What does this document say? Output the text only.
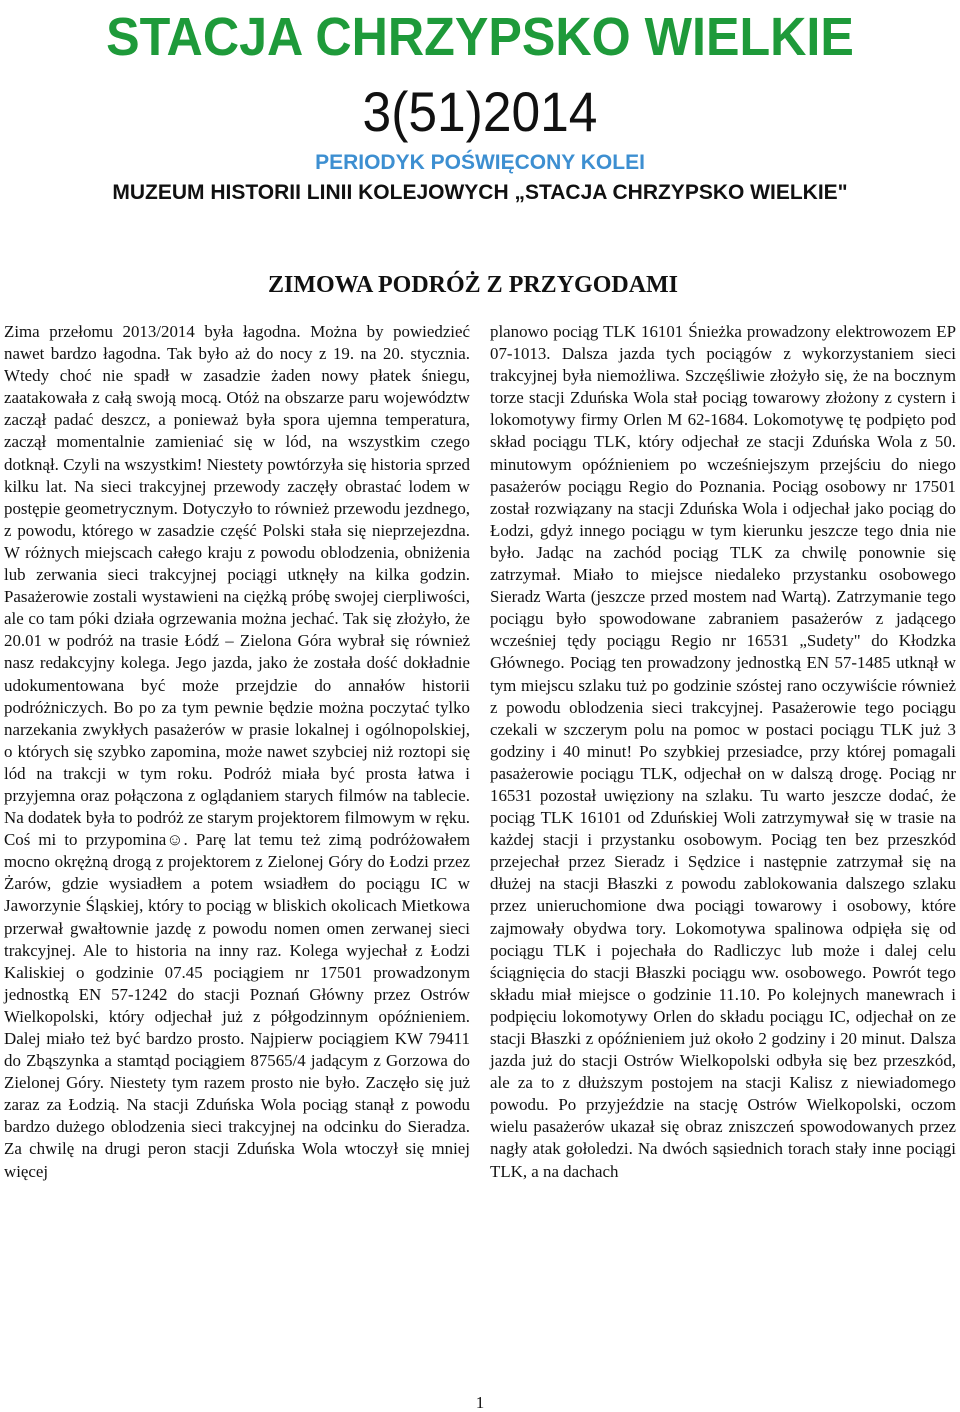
STACJA CHRZYPSKO WIELKIE
3(51)2014
PERIODYK POŚWIĘCONY KOLEI
MUZEUM HISTORII LINII KOLEJOWYCH „STACJA CHRZYPSKO WIELKIE"
ZIMOWA PODRÓŻ Z PRZYGODAMI

Zima przełomu 2013/2014 była łagodna. Można by powiedzieć nawet bardzo łagodna. Tak było aż do nocy z 19. na 20. stycznia. Wtedy choć nie spadł w zasadzie żaden nowy płatek śniegu, zaatakowała z całą swoją mocą. Otóż na obszarze paru województw zaczął padać deszcz, a ponieważ była spora ujemna temperatura, zaczął momentalnie zamieniać się w lód, na wszystkim czego dotknął. Czyli na wszystkim! Niestety powtórzyła się historia sprzed kilku lat. Na sieci trakcyjnej przewody zaczęły obrastać lodem w postępie geometrycznym. Dotyczyło to również przewodu jezdnego, z powodu, którego w zasadzie część Polski stała się nieprzejezdna. W różnych miejscach całego kraju z powodu oblodzenia, obniżenia lub zerwania sieci trakcyjnej pociągi utknęły na kilka godzin. Pasażerowie zostali wystawieni na ciężką próbę swojej cierpliwości, ale co tam póki działa ogrzewania można jechać. Tak się złożyło, że 20.01 w podróż na trasie Łódź – Zielona Góra wybrał się również nasz redakcyjny kolega. Jego jazda, jako że została dość dokładnie udokumentowana być może przejdzie do annałów historii podróżniczych. Bo po za tym pewnie będzie można poczytać tylko narzekania zwykłych pasażerów w prasie lokalnej i ogólnopolskiej, o których się szybko zapomina, może nawet szybciej niż roztopi się lód na trakcji w tym roku. Podróż miała być prosta łatwa i przyjemna oraz połączona z oglądaniem starych filmów na tablecie. Na dodatek była to podróż ze starym projektorem filmowym w ręku. Coś mi to przypomina☺. Parę lat temu też zimą podróżowałem mocno okrężną drogą z projektorem z Zielonej Góry do Łodzi przez Żarów, gdzie wysiadłem a potem wsiadłem do pociągu IC w Jaworzynie Śląskiej, który to pociąg w bliskich okolicach Mietkowa przerwał gwałtownie jazdę z powodu nomen omen zerwanej sieci trakcyjnej. Ale to historia na inny raz. Kolega wyjechał z Łodzi Kaliskiej o godzinie 07.45 pociągiem nr 17501 prowadzonym jednostką EN 57-1242 do stacji Poznań Główny przez Ostrów Wielkopolski, który odjechał już z półgodzinnym opóźnieniem. Dalej miało też być bardzo prosto. Najpierw pociągiem KW 79411 do Zbąszynka a stamtąd pociągiem 87565/4 jadącym z Gorzowa do Zielonej Góry. Niestety tym razem prosto nie było. Zaczęło się już zaraz za Łodzią. Na stacji Zduńska Wola pociąg stanął z powodu bardzo dużego oblodzenia sieci trakcyjnej na odcinku do Sieradza. Za chwilę na drugi peron stacji Zduńska Wola wtoczył się mniej więcej

planowo pociąg TLK 16101 Śnieżka prowadzony elektrowozem EP 07-1013. Dalsza jazda tych pociągów z wykorzystaniem sieci trakcyjnej była niemożliwa. Szczęśliwie złożyło się, że na bocznym torze stacji Zduńska Wola stał pociąg towarowy złożony z cystern i lokomotywy firmy Orlen M 62-1684. Lokomotywę tę podpięto pod skład pociągu TLK, który odjechał ze stacji Zduńska Wola z 50. minutowym opóźnieniem po wcześniejszym przejściu do niego pasażerów pociągu Regio do Poznania. Pociąg osobowy nr 17501 został rozwiązany na stacji Zduńska Wola i odjechał jako pociąg do Łodzi, gdyż innego pociągu w tym kierunku jeszcze tego dnia nie było. Jadąc na zachód pociąg TLK za chwilę ponownie się zatrzymał. Miało to miejsce niedaleko przystanku osobowego Sieradz Warta (jeszcze przed mostem nad Wartą). Zatrzymanie tego pociągu było spowodowane zabraniem pasażerów z jadącego wcześniej tędy pociągu Regio nr 16531 „Sudety" do Kłodzka Głównego. Pociąg ten prowadzony jednostką EN 57-1485 utknął w tym miejscu szlaku tuż po godzinie szóstej rano oczywiście również z powodu oblodzenia sieci trakcyjnej. Pasażerowie tego pociągu czekali w szczerym polu na pomoc w postaci pociągu TLK już 3 godziny i 40 minut! Po szybkiej przesiadce, przy której pomagali pasażerowie pociągu TLK, odjechał on w dalszą drogę. Pociąg nr 16531 pozostał uwięziony na szlaku. Tu warto jeszcze dodać, że pociąg TLK 16101 od Zduńskiej Woli zatrzymywał się w trasie na każdej stacji i przystanku osobowym. Pociąg ten bez przeszkód przejechał przez Sieradz i Sędzice i następnie zatrzymał się na dłużej na stacji Błaszki z powodu zablokowania dalszego szlaku przez unieruchomione dwa pociągi towarowy i osobowy, które zajmowały obydwa tory. Lokomotywa spalinowa odpięła się od pociągu TLK i pojechała do Radliczyc lub może i dalej celu ściągnięcia do stacji Błaszki pociągu ww. osobowego. Powrót tego składu miał miejsce o godzinie 11.10. Po kolejnych manewrach i podpięciu lokomotywy Orlen do składu pociągu IC, odjechał on ze stacji Błaszki z opóźnieniem już około 2 godziny i 20 minut. Dalsza jazda już do stacji Ostrów Wielkopolski odbyła się bez przeszkód, ale za to z dłuższym postojem na stacji Kalisz z niewiadomego powodu. Po przyjeździe na stację Ostrów Wielkopolski, oczom wielu pasażerów ukazał się obraz zniszczeń spowodowanych przez nagły atak gołoledzi. Na dwóch sąsiednich torach stały inne pociągi TLK, a na dachach

1
